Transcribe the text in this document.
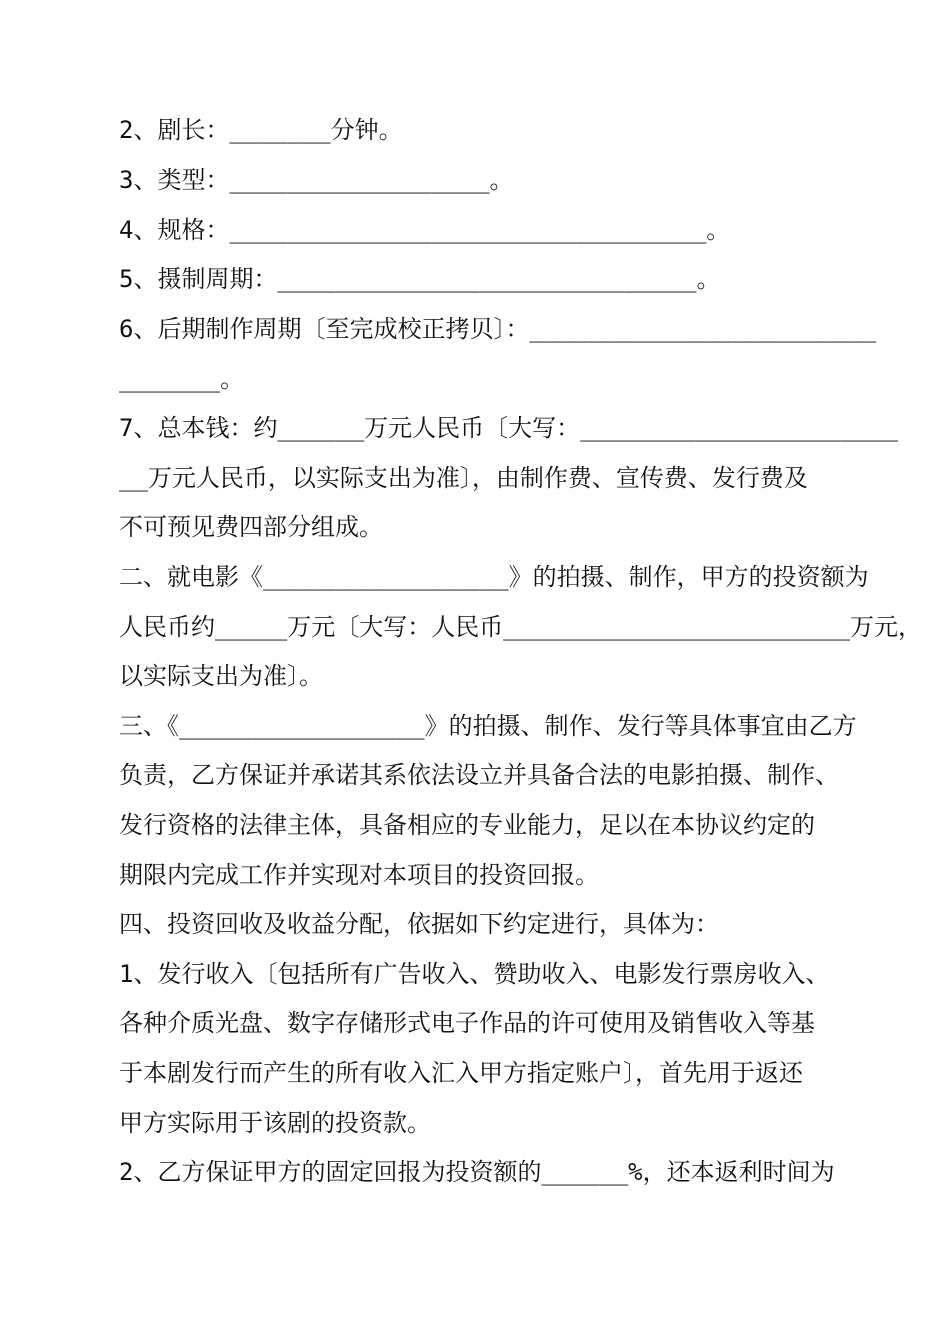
2、剧长：_______分钟。
3、类型：__________________。
4、规格：_________________________________。
5、摄制周期：_____________________________。
6、后期制作周期〔至完成校正拷贝〕：________________________
_______。
7、总本钱：约______万元人民币〔大写：______________________
__万元人民币，以实际支出为准〕，由制作费、宣传费、发行费及
不可预见费四部分组成。
二、就电影《_________________》的拍摄、制作，甲方的投资额为
人民币约_____万元〔大写：人民币________________________万元，
以实际支出为准〕。
三、《_________________》的拍摄、制作、发行等具体事宜由乙方
负责，乙方保证并承诺其系依法设立并具备合法的电影拍摄、制作、
发行资格的法律主体，具备相应的专业能力，足以在本协议约定的
期限内完成工作并实现对本项目的投资回报。
四、投资回收及收益分配，依据如下约定进行，具体为：
1、发行收入〔包括所有广告收入、赞助收入、电影发行票房收入、
各种介质光盘、数字存储形式电子作品的许可使用及销售收入等基
于本剧发行而产生的所有收入汇入甲方指定账户〕，首先用于返还
甲方实际用于该剧的投资款。
2、乙方保证甲方的固定回报为投资额的______%，还本返利时间为
